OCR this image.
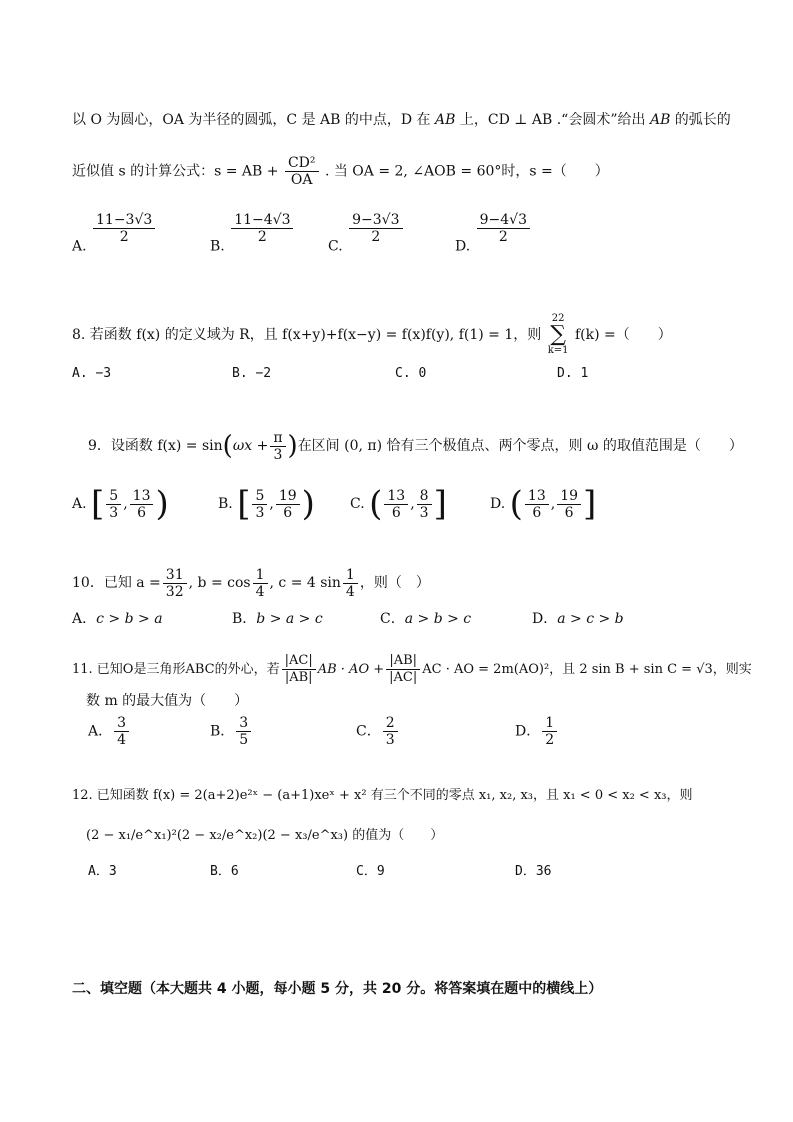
以 O 为圆心，OA 为半径的圆弧，C 是 AB 的中点，D 在 AB 上，CD ⊥ AB .“会圆术”给出 AB 的弧长的
近似值 s 的计算公式：s = AB + $\frac{\text{CD²}}{OA}$ . 当 OA = 2, ∠AOB = 60°时，s =（　　）
A.
$\frac{11-3√3}{2}$
B.
$\frac{11-4√3}{2}$
C.
$\frac{9-3√3}{2}$
D.
$\frac{9-4√3}{2}$
8. 若函数 f(x) 的定义域为 R，且 f(x+y)+f(x−y) = f(x)f(y), f(1) = 1，则
22
∑
k=1
f(k) =（　　）
A. −3	B. −2	C. 0	D. 1
9．设函数 $f(x) = \sin(\omega x + \frac{\pi}{3}$ )在区间 (0, π) 恰有三个极值点、两个零点，则 ω 的取值范围是（　　）
A. [ $\frac{5}{3}$ , $\frac{13}{6}$ )	B. [ $\frac{5}{3}$ , $\frac{19}{6}$ )	C. ( $\frac{13}{6}$ , $\frac{8}{3}$ ]	D. ( $\frac{13}{6}$ , $\frac{19}{6}$ ]
10．已知 $a = \frac{31}{32}$ , $b = \cos \frac{1}{4}$ , c = 4 $\sin \frac{1}{4}$ ，则（　）
A．c > b > a	B．b > a > c	C．a > b > c	D．a > c > b
11. 已知O是三角形ABC的外心，若 $\frac{|AC|}{|AB|}$ AB · AO + $\frac{|AB|}{|AC|}$ AC · AO = 2m(AO)²，且 2 sin B + sin C = √3，则实
数 m 的最大值为（　　）
A． $\frac{3}{4}$	B． $\frac{3}{5}$	C． $\frac{2}{3}$	D． $\frac{1}{2}$
12. 已知函数 f(x) = 2(a+2)e²ˣ − (a+1)xeˣ + x² 有三个不同的零点 x₁, x₂, x₃，且 x₁ < 0 < x₂ < x₃，则
(2 − x₁/e^x₁)²(2 − x₂/e^x₂)(2 − x₃/e^x₃) 的值为（　　）
A．3	B．6	C．9	D．36
二、填空题（本大题共 4 小题，每小题 5 分，共 20 分。将答案填在题中的横线上）
